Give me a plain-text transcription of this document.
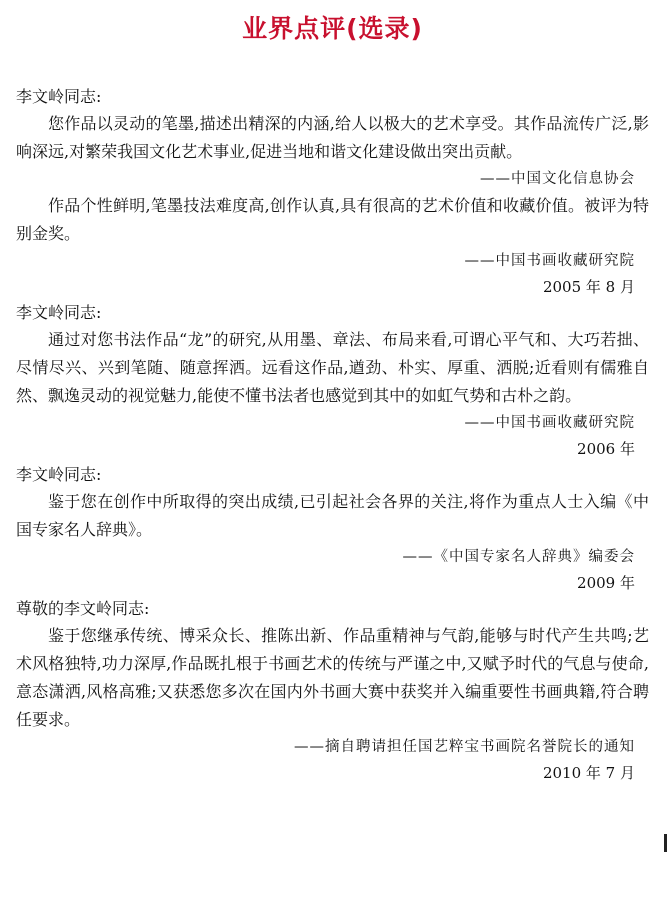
业界点评(选录)

李文岭同志:

您作品以灵动的笔墨,描述出精深的内涵,给人以极大的艺术享受。其作品流传广泛,影响深远,对繁荣我国文化艺术事业,促进当地和谐文化建设做出突出贡献。

——中国文化信息协会

作品个性鲜明,笔墨技法难度高,创作认真,具有很高的艺术价值和收藏价值。被评为特别金奖。

——中国书画收藏研究院

2005 年 8 月

李文岭同志:

通过对您书法作品“龙”的研究,从用墨、章法、布局来看,可谓心平气和、大巧若拙、尽情尽兴、兴到笔随、随意挥洒。远看这作品,遒劲、朴实、厚重、洒脱;近看则有儒雅自然、飘逸灵动的视觉魅力,能使不懂书法者也感觉到其中的如虹气势和古朴之韵。

——中国书画收藏研究院

2006 年

李文岭同志:

鉴于您在创作中所取得的突出成绩,已引起社会各界的关注,将作为重点人士入编《中国专家名人辞典》。

——《中国专家名人辞典》编委会

2009 年

尊敬的李文岭同志:

鉴于您继承传统、博采众长、推陈出新、作品重精神与气韵,能够与时代产生共鸣;艺术风格独特,功力深厚,作品既扎根于书画艺术的传统与严谨之中,又赋予时代的气息与使命,意态潇洒,风格高雅;又获悉您多次在国内外书画大赛中获奖并入编重要性书画典籍,符合聘任要求。

——摘自聘请担任国艺粹宝书画院名誉院长的通知

2010 年 7 月
